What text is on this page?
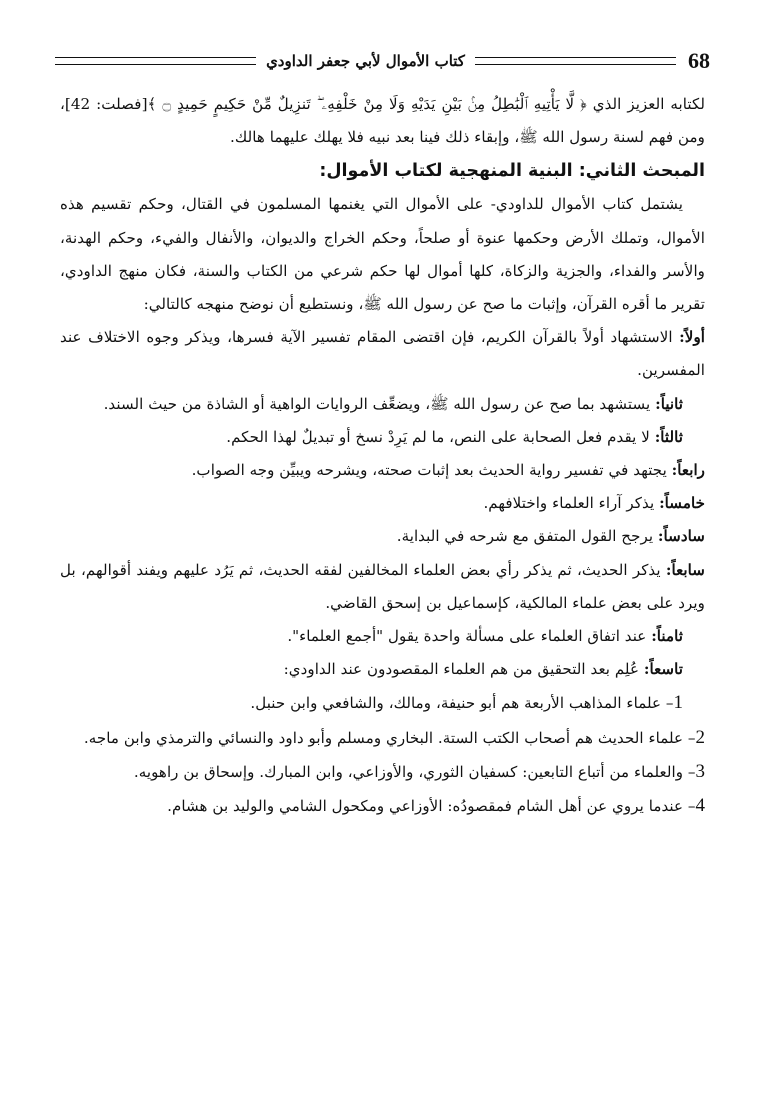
كتاب الأموال لأبي جعفر الداودي	68

لكتابه العزيز الذي ﴿ لَّا يَأْتِيهِ ٱلْبَٰطِلُ مِنۢ بَيْنِ يَدَيْهِ وَلَا مِنْ خَلْفِهِۦ ۖ تَنزِيلٌ مِّنْ حَكِيمٍ حَمِيدٍ ۝ ﴾[فصلت: 42]، ومن فهم لسنة رسول الله ﷺ، وإبقاء ذلك فينا بعد نبيه فلا يهلك عليهما هالك.

المبحث الثاني: البنية المنهجية لكتاب الأموال:

يشتمل كتاب الأموال للداودي- على الأموال التي يغنمها المسلمون في القتال، وحكم تقسيم هذه الأموال، وتملك الأرض وحكمها عنوة أو صلحاً، وحكم الخراج والديوان، والأنفال والفيء، وحكم الهدنة، والأسر والفداء، والجزية والزكاة، كلها أموال لها حكم شرعي من الكتاب والسنة، فكان منهج الداودي، تقرير ما أقره القرآن، وإثبات ما صح عن رسول الله ﷺ، ونستطيع أن نوضح منهجه كالتالي:

أولاً: الاستشهاد أولاً بالقرآن الكريم، فإن اقتضى المقام تفسير الآية فسرها، ويذكر وجوه الاختلاف عند المفسرين.

ثانياً: يستشهد بما صح عن رسول الله ﷺ، ويضعِّف الروايات الواهية أو الشاذة من حيث السند.

ثالثاً: لا يقدم فعل الصحابة على النص، ما لم يَرِدْ نسخ أو تبديلٌ لهذا الحكم.

رابعاً: يجتهد في تفسير رواية الحديث بعد إثبات صحته، ويشرحه ويبيِّن وجه الصواب.

خامساً: يذكر آراء العلماء واختلافهم.

سادساً: يرجح القول المتفق مع شرحه في البداية.

سابعاً: يذكر الحديث، ثم يذكر رأي بعض العلماء المخالفين لفقه الحديث، ثم يَرُد عليهم ويفند أقوالهم، بل ويرد على بعض علماء المالكية، كإسماعيل بن إسحق القاضي.

ثامناً: عند اتفاق العلماء على مسألة واحدة يقول "أجمع العلماء".

تاسعاً: عُلِم بعد التحقيق من هم العلماء المقصودون عند الداودي:

1– علماء المذاهب الأربعة هم أبو حنيفة، ومالك، والشافعي وابن حنبل.

2– علماء الحديث هم أصحاب الكتب الستة. البخاري ومسلم وأبو داود والنسائي والترمذي وابن ماجه.

3– والعلماء من أتباع التابعين: كسفيان الثوري، والأوزاعي، وابن المبارك. وإسحاق بن راهويه.

4– عندما يروي عن أهل الشام فمقصودُه: الأوزاعي ومكحول الشامي والوليد بن هشام.
